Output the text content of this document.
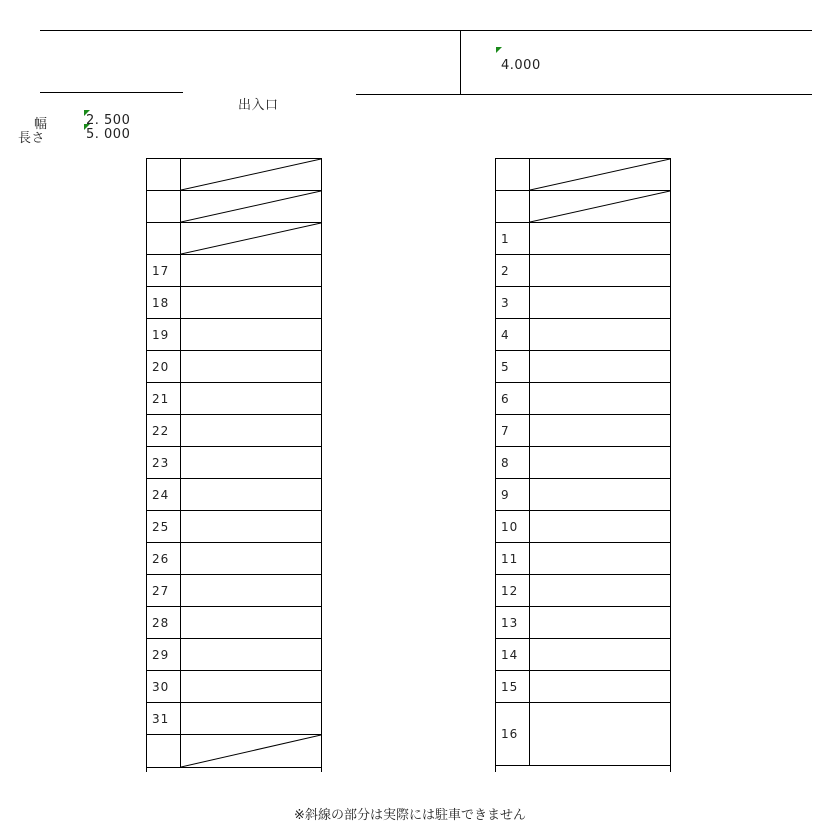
4.000
出入口
幅	2. 500
長さ	5. 000
17
18
19
20
21
22
23
24
25
26
27
28
29
30
31
1
2
3
4
5
6
7
8
9
10
11
12
13
14
15
16
※斜線の部分は実際には駐車できません
